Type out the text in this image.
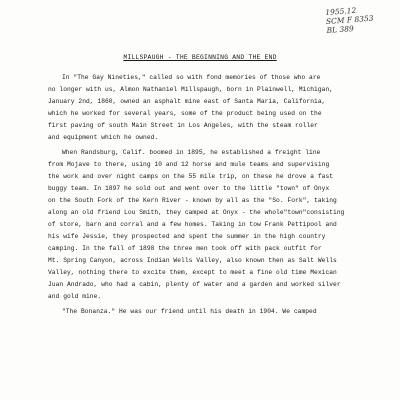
1955.12
SCM F 8353
BL 389
MILLSPAUGH - THE BEGINNING AND THE END
In "The Gay Nineties," called so with fond memories of those who are
no longer with us, Almon Nathaniel Millspaugh, born in Plainwell, Michigan,
January 2nd, 1860, owned an asphalt mine east of Santa Maria, California,
which he worked for several years, some of the product being used on the
first paving of south Main Street in Los Angeles, with the steam roller
and equipment which he owned.
When Randsburg, Calif. boomed in 1895, he established a freight line
from Mojave to there, using 10 and 12 horse and mule teams and supervising
the work and over night camps on the 55 mile trip, on these he drove a fast
buggy team. In 1897 he sold out and went over to the little "town" of Onyx
on the South Fork of the Kern River - known by all as the "So. Fork", taking
along an old friend Lou Smith, they camped at Onyx - the whole"town"consisting
of store, barn and corral and a few homes. Taking in tow Frank Pettipool and
his wife Jessie, they prospected and spent the summer in the high country
camping. In the fall of 1898 the three men took off with pack outfit for
Mt. Spring Canyon, across Indian Wells Valley, also known then as Salt Wells
Valley, nothing there to excite them, except to meet a fine old time Mexican
Juan Andrado, who had a cabin, plenty of water and a garden and worked silver
and gold mine.
"The Bonanza." He was our friend until his death in 1904. We camped
